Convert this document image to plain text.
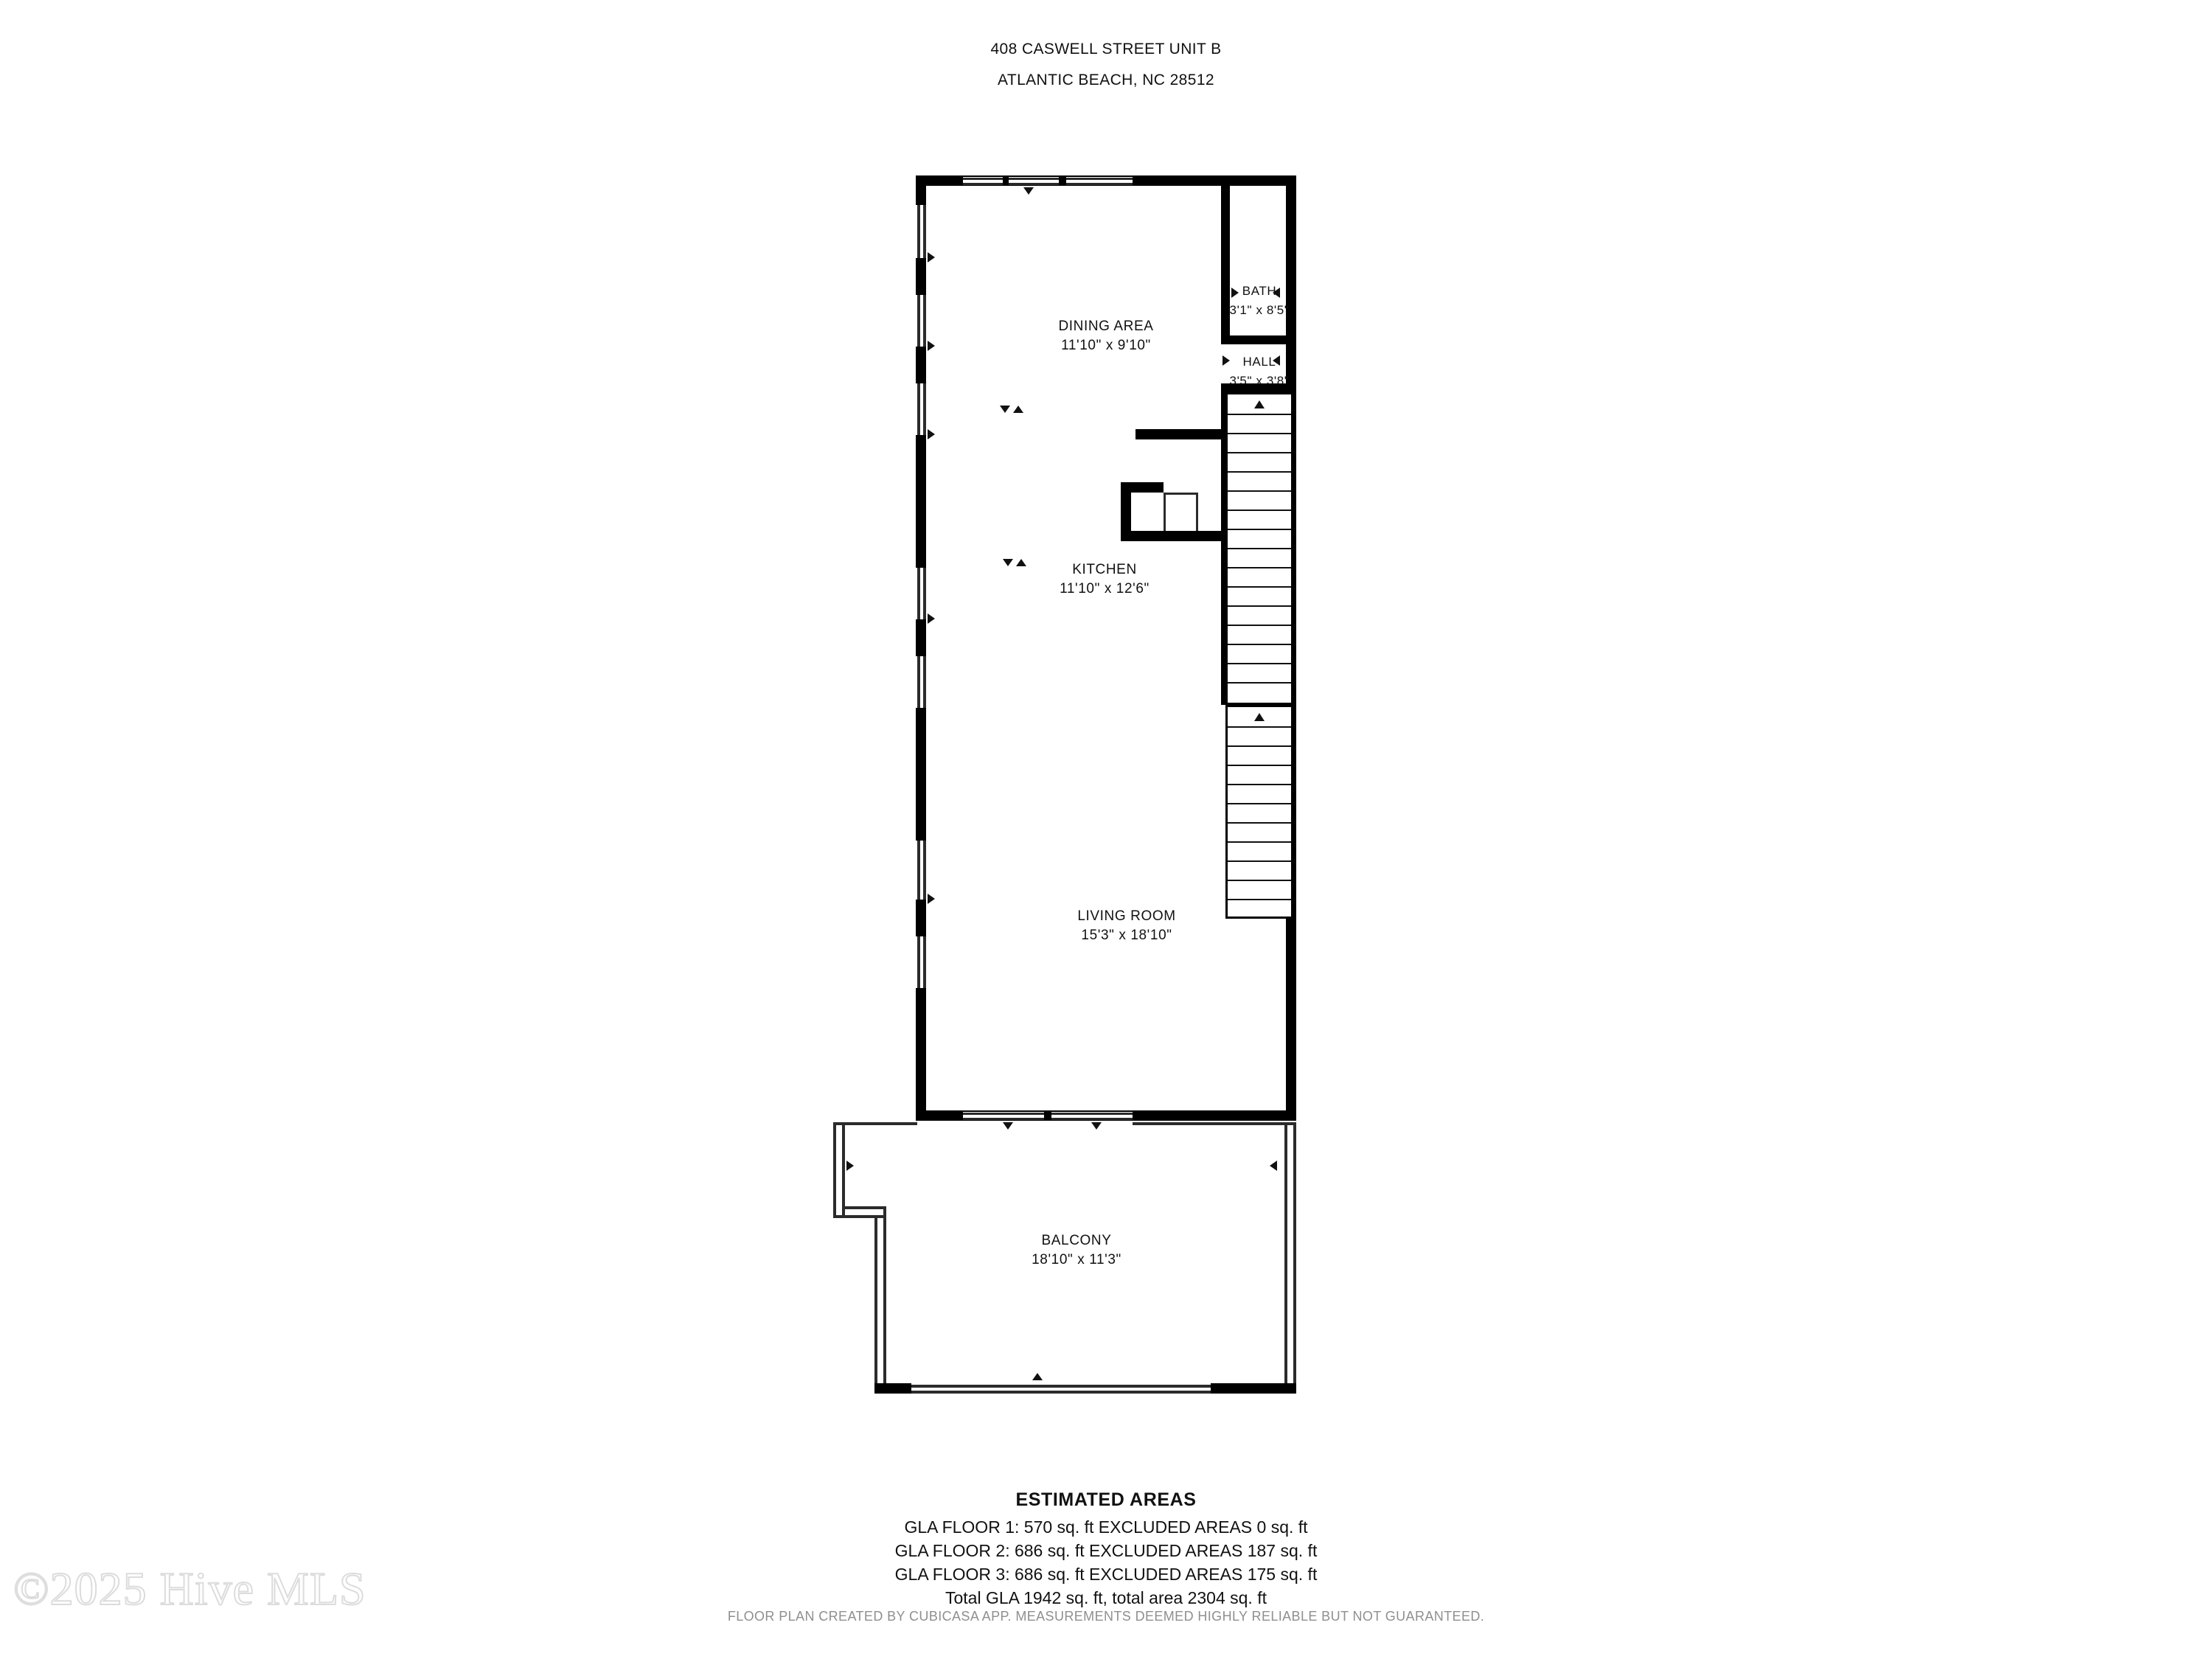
408 CASWELL STREET UNIT B
ATLANTIC BEACH, NC 28512
BATH
3'1" x 8'5"
HALL
3'5" x 3'8"
DINING AREA
11'10" x 9'10"
KITCHEN
11'10" x 12'6"
LIVING ROOM
15'3" x 18'10"
BALCONY
18'10" x 11'3"
ESTIMATED AREAS
GLA FLOOR 1: 570 sq. ft EXCLUDED AREAS 0 sq. ft
GLA FLOOR 2: 686 sq. ft EXCLUDED AREAS 187 sq. ft
GLA FLOOR 3: 686 sq. ft EXCLUDED AREAS 175 sq. ft
Total GLA 1942 sq. ft, total area 2304 sq. ft
FLOOR PLAN CREATED BY CUBICASA APP. MEASUREMENTS DEEMED HIGHLY RELIABLE BUT NOT GUARANTEED.
©2025 Hive MLS
